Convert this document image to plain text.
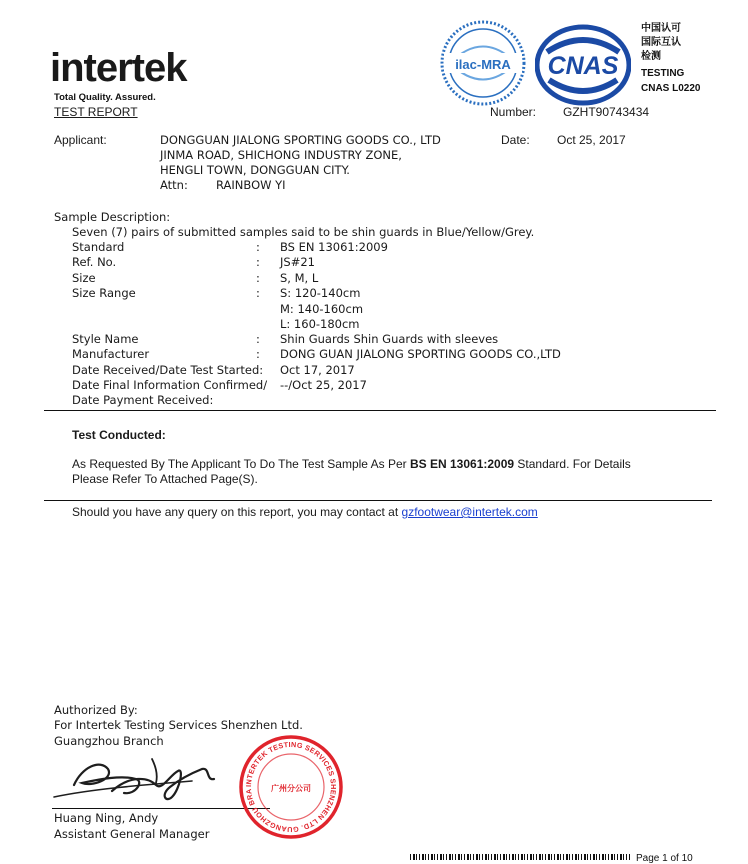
intertek
Total Quality. Assured.
TEST REPORT	Number: GZHT90743434
ilac-MRA CNAS
中国认可
国际互认
检测
TESTING
CNAS L0220
Applicant:	DONGGUAN JIALONG SPORTING GOODS CO., LTD
JINMA ROAD, SHICHONG INDUSTRY ZONE,
HENGLI TOWN, DONGGUAN CITY.
Attn: RAINBOW YI
Date: Oct 25, 2017
Sample Description:
Seven (7) pairs of submitted samples said to be shin guards in Blue/Yellow/Grey.
Standard	: BS EN 13061:2009
Ref. No.	: JS#21
Size	: S, M, L
Size Range	: S: 120-140cm
M: 140-160cm
L: 160-180cm
Style Name	: Shin Guards Shin Guards with sleeves
Manufacturer	: DONG GUAN JIALONG SPORTING GOODS CO.,LTD
Date Received/Date Test Started: Oct 17, 2017
Date Final Information Confirmed/ --/Oct 25, 2017
Date Payment Received:
Test Conducted:
As Requested By The Applicant To Do The Test Sample As Per BS EN 13061:2009 Standard. For Details
Please Refer To Attached Page(S).
Should you have any query on this report, you may contact at gzfootwear@intertek.com
Authorized By:
For Intertek Testing Services Shenzhen Ltd.
Guangzhou Branch
Huang Ning, Andy
Assistant General Manager
INTERTEK TESTING SERVICES SHENZHEN LTD. GUANGZHOU BRA	广州分公司
Page 1 of 10
